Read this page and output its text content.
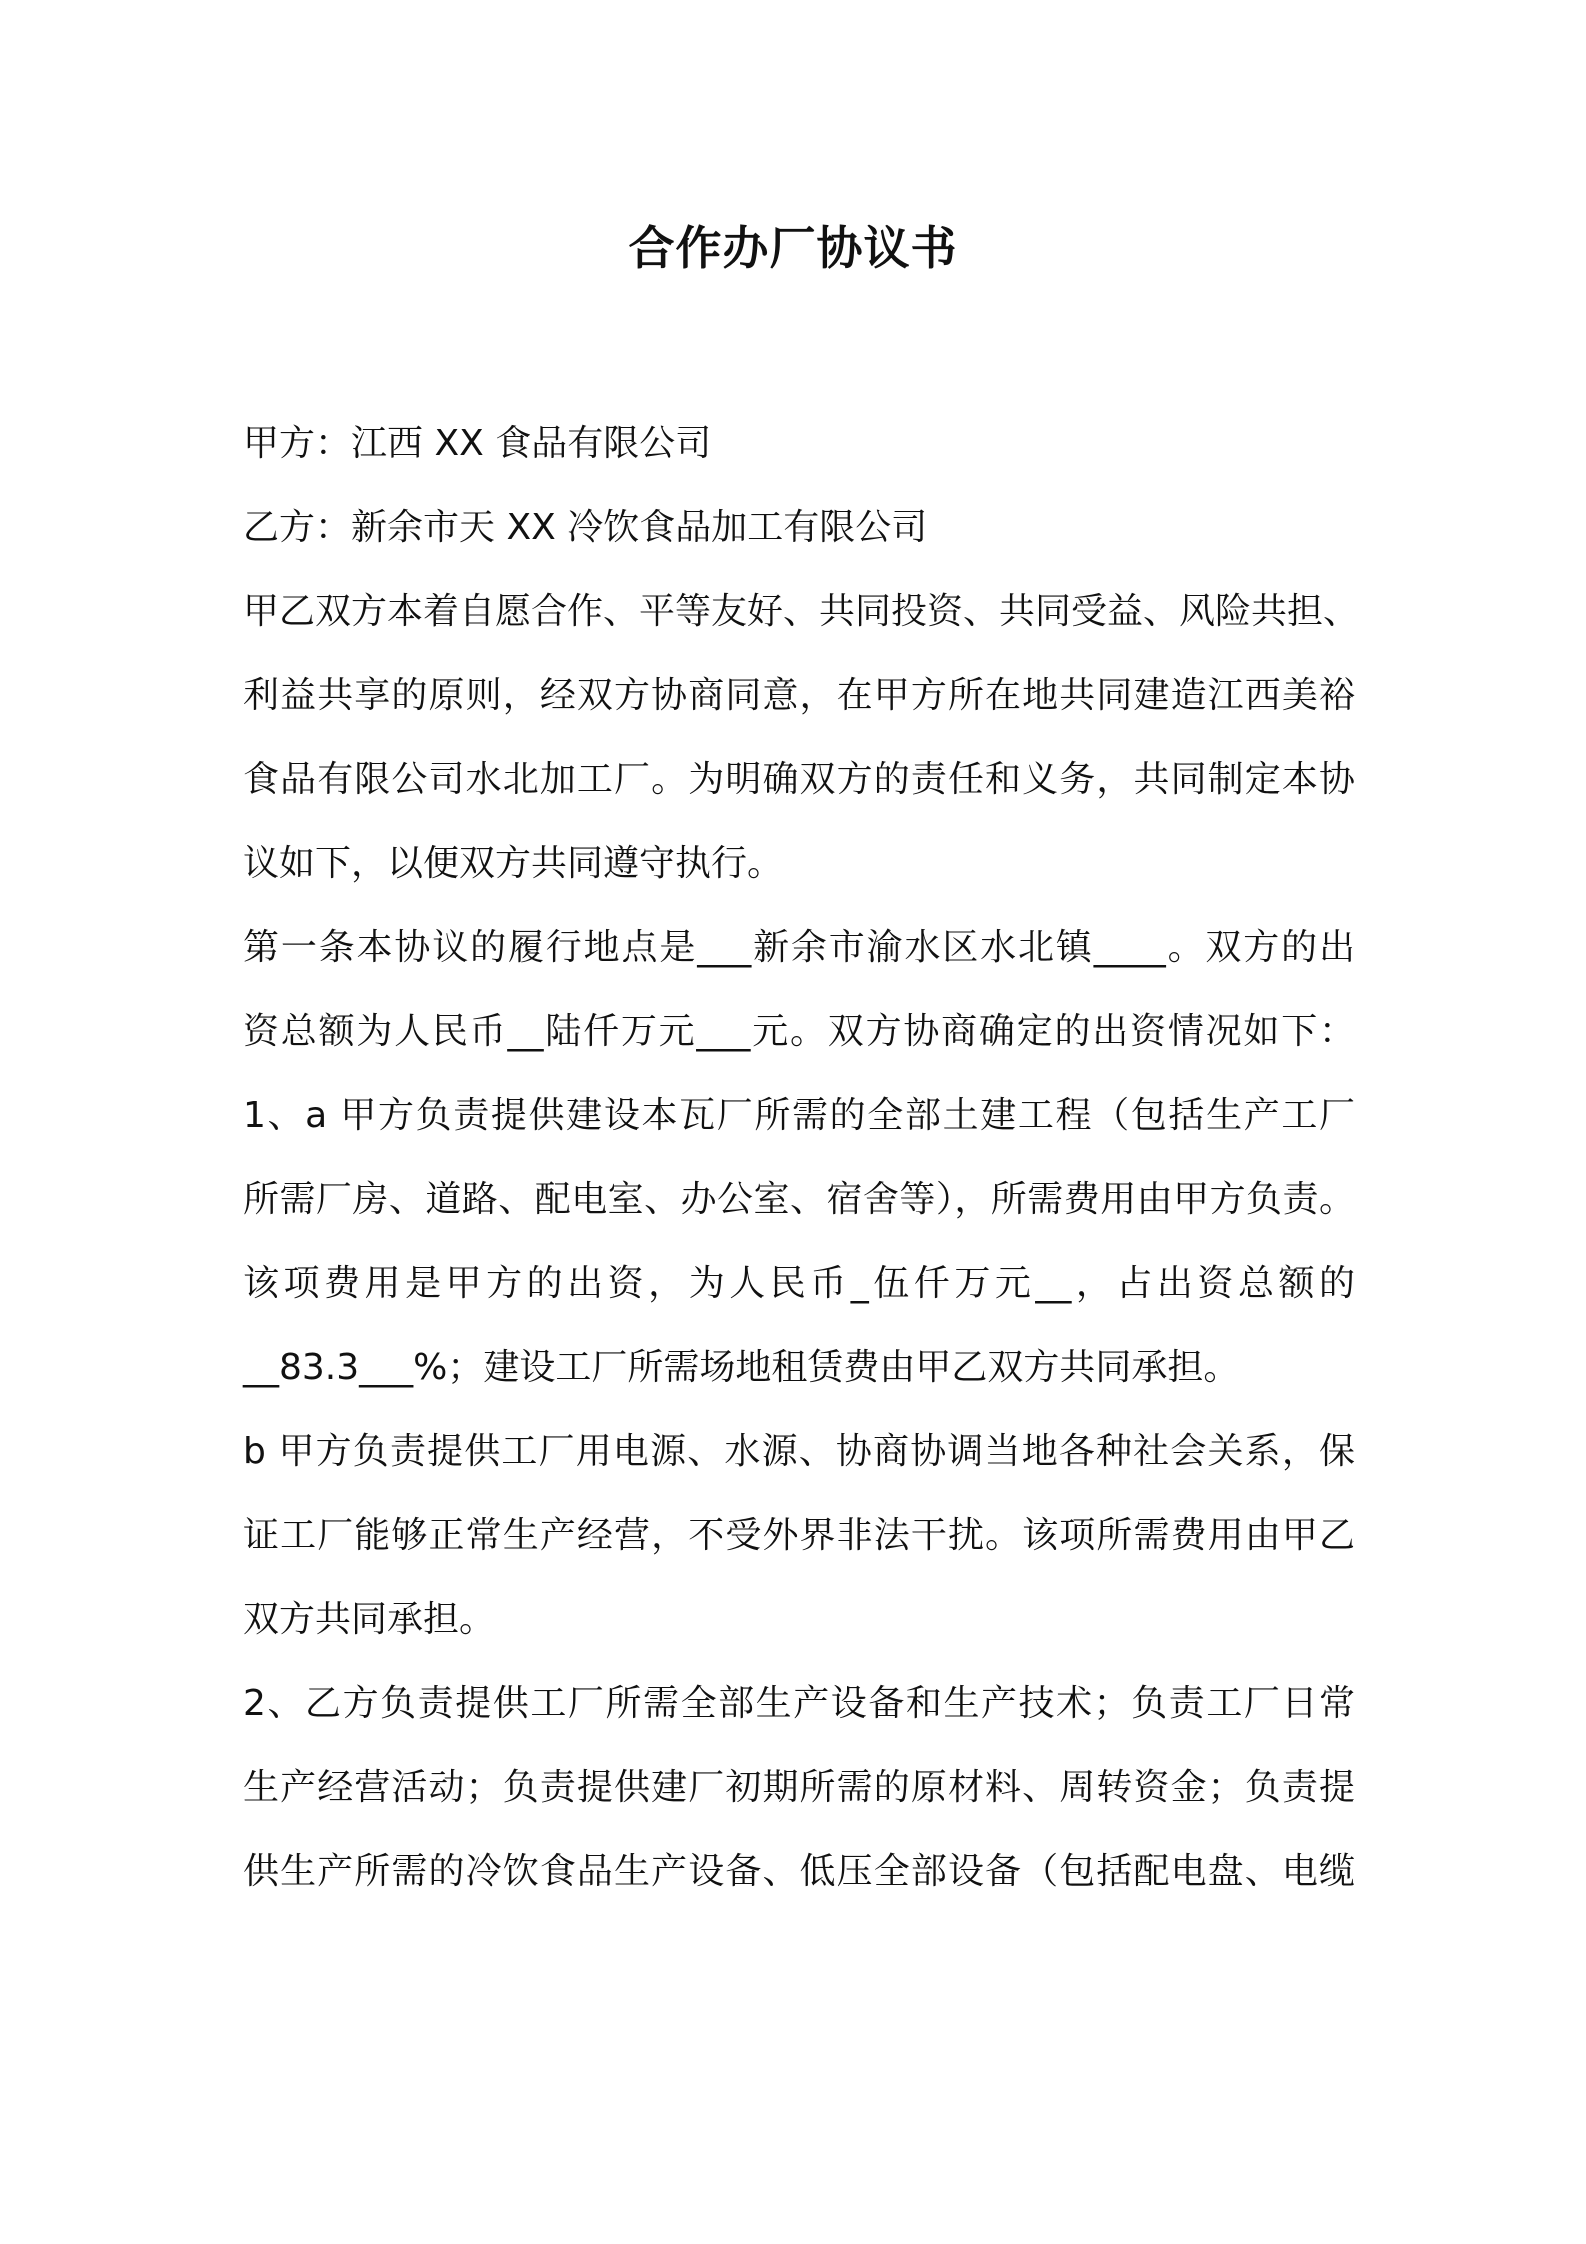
合作办厂协议书

甲方：江西 XX 食品有限公司

乙方：新余市天 XX 冷饮食品加工有限公司

甲乙双方本着自愿合作、平等友好、共同投资、共同受益、风险共担、

利益共享的原则，经双方协商同意，在甲方所在地共同建造江西美裕

食品有限公司水北加工厂。为明确双方的责任和义务，共同制定本协

议如下，以便双方共同遵守执行。

第一条本协议的履行地点是___新余市渝水区水北镇____。双方的出

资总额为人民币__陆仟万元___元。双方协商确定的出资情况如下：

1、a 甲方负责提供建设本瓦厂所需的全部土建工程（包括生产工厂

所需厂房、道路、配电室、办公室、宿舍等），所需费用由甲方负责。

该项费用是甲方的出资，为人民币_伍仟万元__，占出资总额的

__83.3___%；建设工厂所需场地租赁费由甲乙双方共同承担。

b 甲方负责提供工厂用电源、水源、协商协调当地各种社会关系，保

证工厂能够正常生产经营，不受外界非法干扰。该项所需费用由甲乙

双方共同承担。

2、乙方负责提供工厂所需全部生产设备和生产技术；负责工厂日常

生产经营活动；负责提供建厂初期所需的原材料、周转资金；负责提

供生产所需的冷饮食品生产设备、低压全部设备（包括配电盘、电缆
